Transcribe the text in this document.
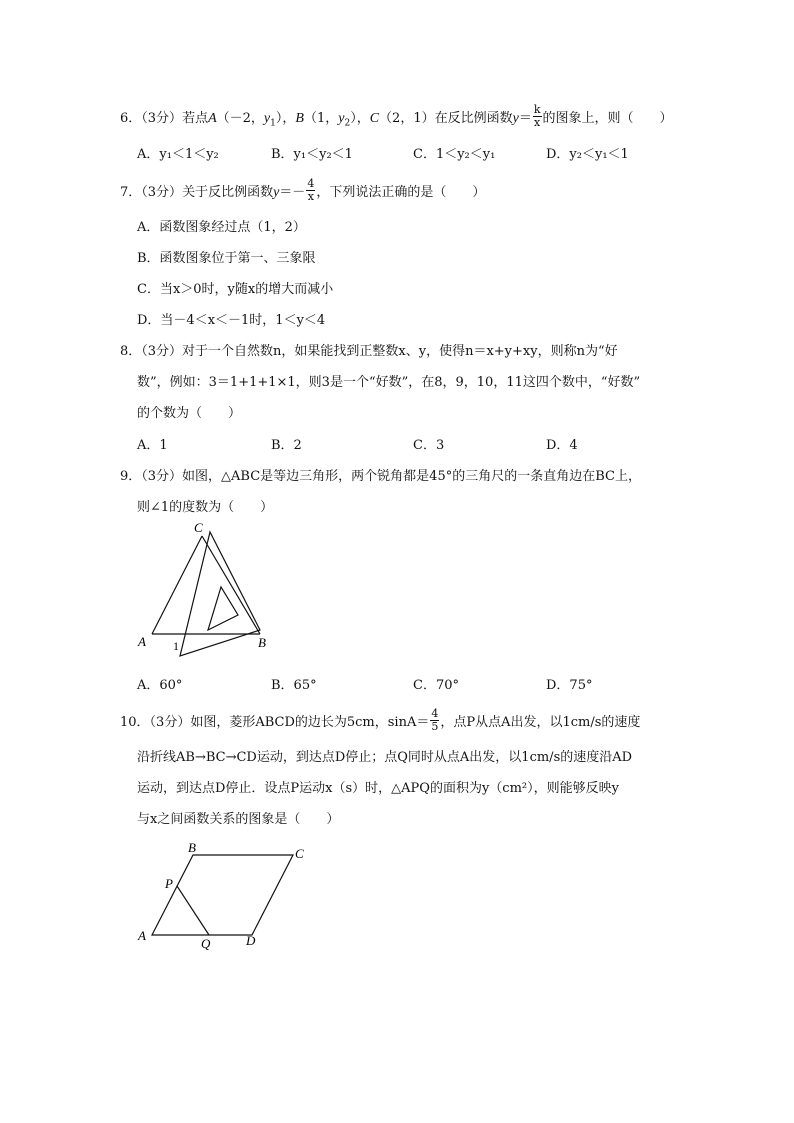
6．（3分）若点A（－2，$y_1$），B（1，$y_2$），C（2，1）在反比例函数$y= \frac{k}{x}$ 的图象上，则（　　）
A．y₁＜1＜y₂	B．y₁＜y₂＜1	C．1＜y₂＜y₁	D．y₂＜y₁＜1
7．（3分）关于反比例函数$y=- \frac{4}{x}$ ，下列说法正确的是（　　）
A．函数图象经过点（1，2）
B．函数图象位于第一、三象限
C．当x＞0时，y随x的增大而减小
D．当－4＜x＜－1时，1＜y＜4
8．（3分）对于一个自然数n，如果能找到正整数x、y，使得n＝x+y+xy，则称n为“好
数”，例如：3＝1+1+1×1，则3是一个“好数”，在8，9，10，11这四个数中，“好数”
的个数为（　　）
A．1	B．2	C．3	D．4
9．（3分）如图，△ABC是等边三角形，两个锐角都是45°的三角尺的一条直角边在BC上，
则∠1的度数为（　　）
C
A	B
1
A．60°	B．65°	C．70°	D．75°
10．（3分）如图，菱形ABCD的边长为5cm，$\sin A= \frac{4}{5}$ ，点P从点A出发，以1cm/s的速度
沿折线AB→BC→CD运动，到达点D停止；点Q同时从点A出发，以1cm/s的速度沿AD
运动，到达点D停止．设点P运动x（s）时，△APQ的面积为y（cm²），则能够反映y
与x之间函数关系的图象是（　　）
A
B	C
D
P
Q
